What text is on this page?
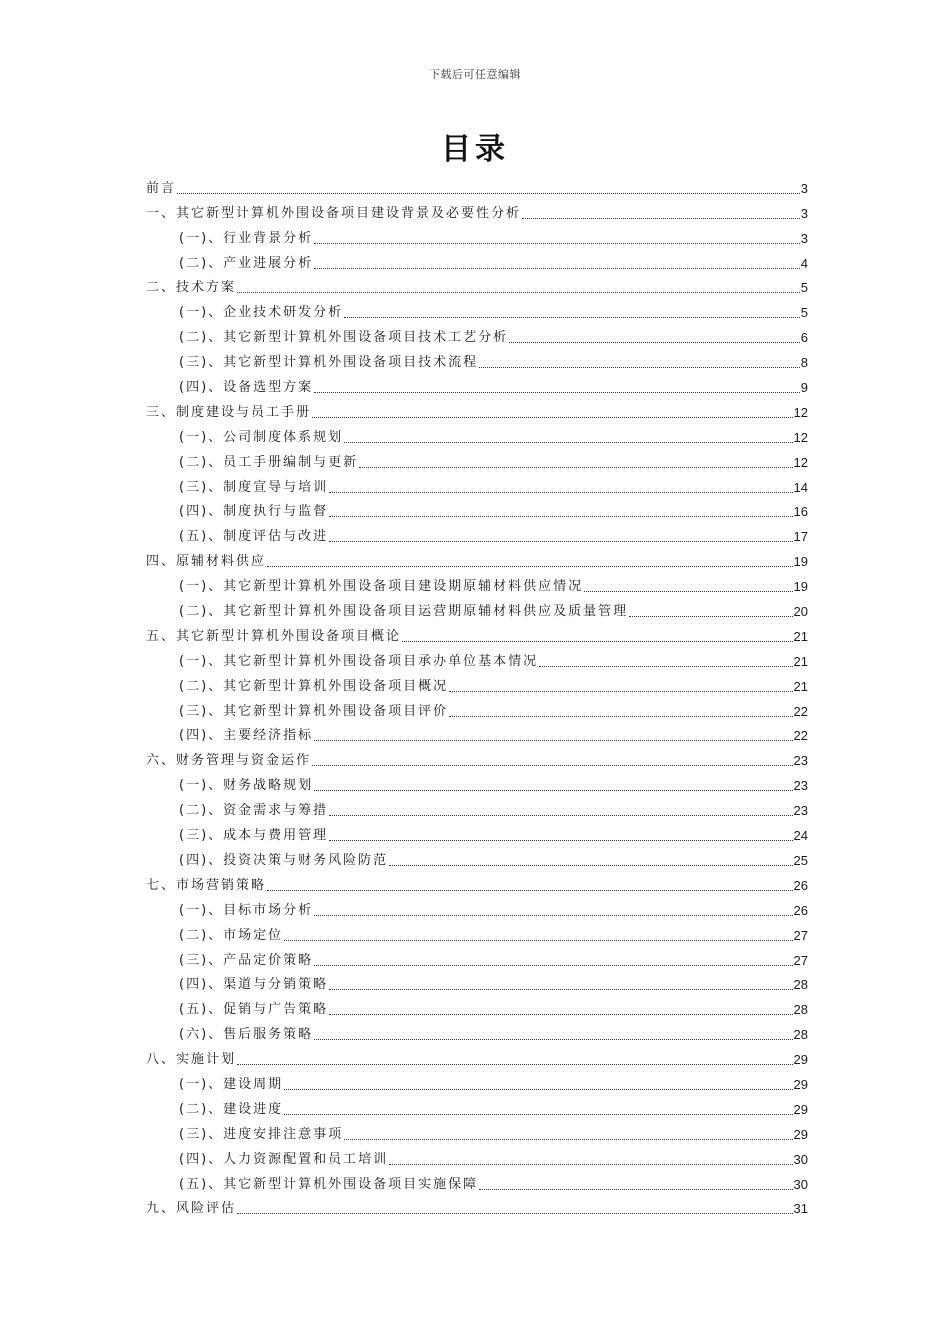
下载后可任意编辑
目录
前言	3
一、其它新型计算机外围设备项目建设背景及必要性分析	3
(一)、行业背景分析	3
(二)、产业进展分析	4
二、技术方案	5
(一)、企业技术研发分析	5
(二)、其它新型计算机外围设备项目技术工艺分析	6
(三)、其它新型计算机外围设备项目技术流程	8
(四)、设备选型方案	9
三、制度建设与员工手册	12
(一)、公司制度体系规划	12
(二)、员工手册编制与更新	12
(三)、制度宣导与培训	14
(四)、制度执行与监督	16
(五)、制度评估与改进	17
四、原辅材料供应	19
(一)、其它新型计算机外围设备项目建设期原辅材料供应情况	19
(二)、其它新型计算机外围设备项目运营期原辅材料供应及质量管理	20
五、其它新型计算机外围设备项目概论	21
(一)、其它新型计算机外围设备项目承办单位基本情况	21
(二)、其它新型计算机外围设备项目概况	21
(三)、其它新型计算机外围设备项目评价	22
(四)、主要经济指标	22
六、财务管理与资金运作	23
(一)、财务战略规划	23
(二)、资金需求与筹措	23
(三)、成本与费用管理	24
(四)、投资决策与财务风险防范	25
七、市场营销策略	26
(一)、目标市场分析	26
(二)、市场定位	27
(三)、产品定价策略	27
(四)、渠道与分销策略	28
(五)、促销与广告策略	28
(六)、售后服务策略	28
八、实施计划	29
(一)、建设周期	29
(二)、建设进度	29
(三)、进度安排注意事项	29
(四)、人力资源配置和员工培训	30
(五)、其它新型计算机外围设备项目实施保障	30
九、风险评估	31
